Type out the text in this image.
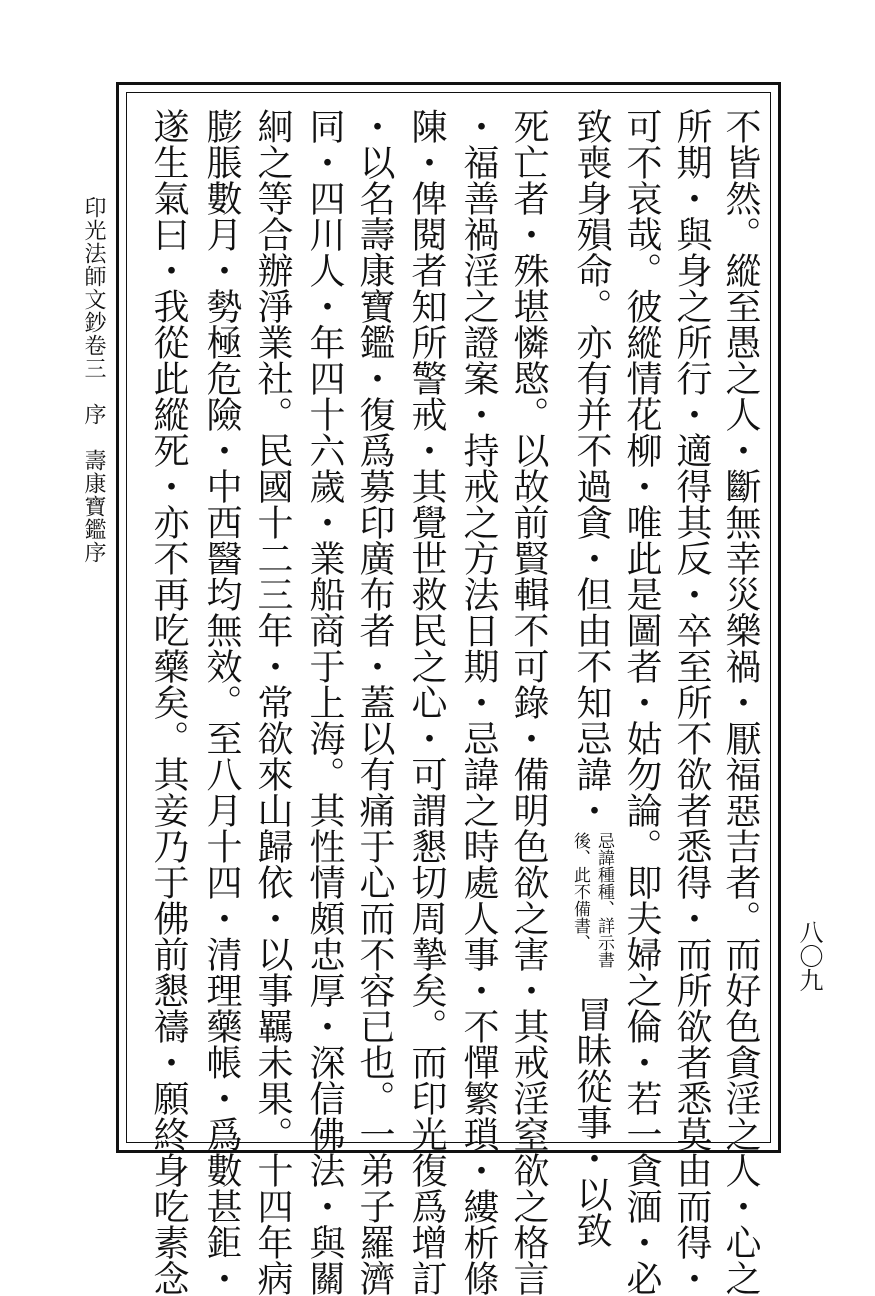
印光法師文鈔卷三　序　壽康寶鑑序
八〇九
不皆然。縱至愚之人・斷無幸災樂禍・厭福惡吉者。而好色貪淫之人・心之
所期・與身之所行・適得其反・卒至所不欲者悉得・而所欲者悉莫由而得・
可不哀哉。彼縱情花柳・唯此是圖者・姑勿論。即夫婦之倫・若一貪湎・必
致喪身殞命。亦有并不過貪・但由不知忌諱・忌諱種種、詳示書後、此不備書、冒昧從事・以致
死亡者・殊堪憐愍。以故前賢輯不可錄・備明色欲之害・其戒淫窒欲之格言
・福善禍淫之證案・持戒之方法日期・忌諱之時處人事・不憚繁瑣・縷析條
陳・俾閱者知所警戒・其覺世救民之心・可謂懇切周摯矣。而印光復爲增訂
・以名壽康寶鑑・復爲募印廣布者・蓋以有痛于心而不容已也。一弟子羅濟
同・四川人・年四十六歲・業船商于上海。其性情頗忠厚・深信佛法・與關
絅之等合辦淨業社。民國十二三年・常欲來山歸依・以事羈未果。十四年病
膨脹數月・勢極危險・中西醫均無效。至八月十四・清理藥帳・爲數甚鉅・
遂生氣曰・我從此縱死・亦不再吃藥矣。其妾乃于佛前懇禱・願終身吃素念
